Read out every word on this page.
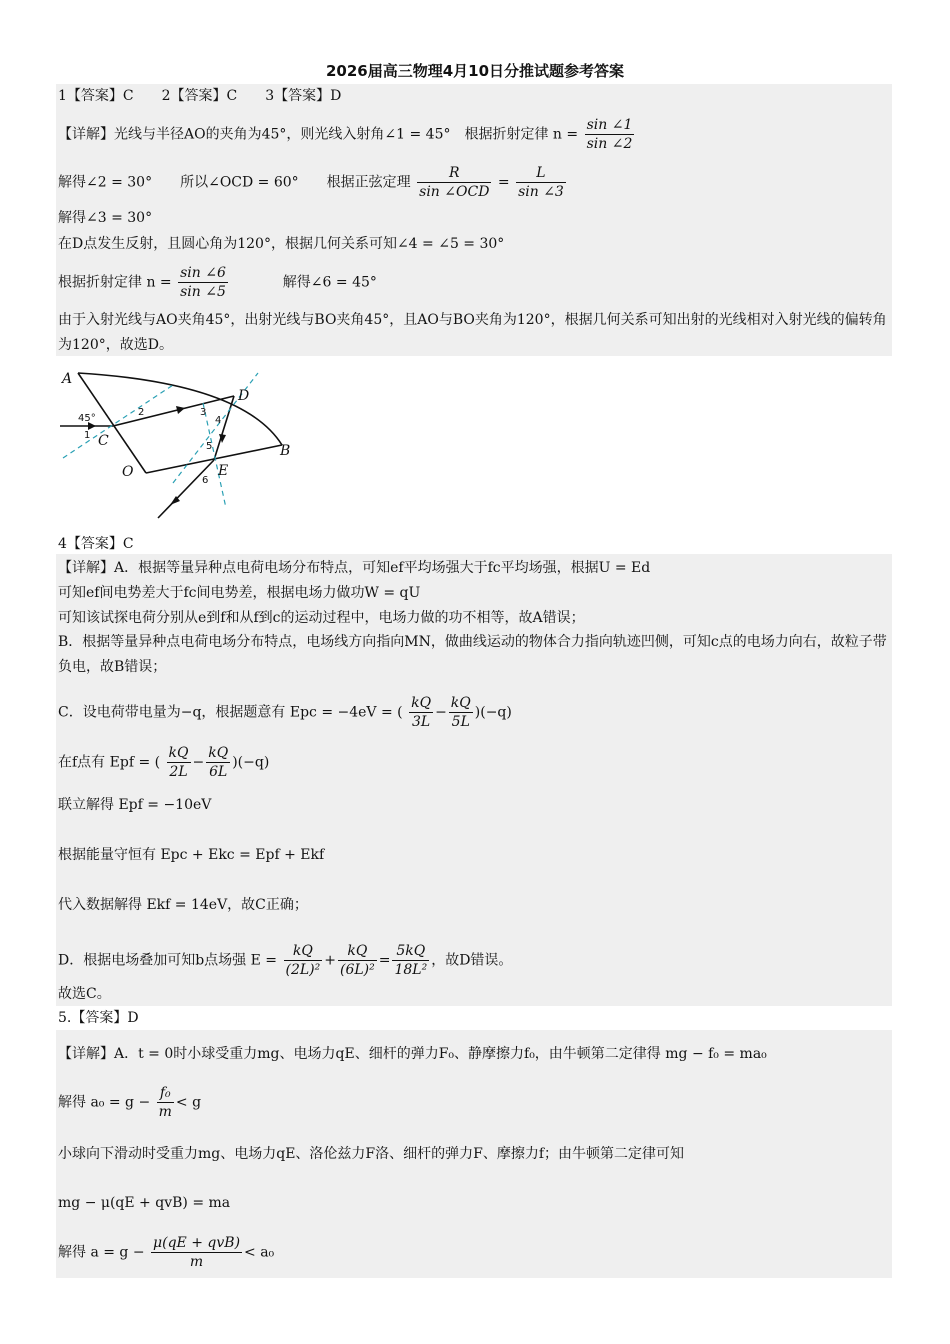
2026届高三物理4月10日分推试题参考答案
1【答案】C　　2【答案】C　　3【答案】D
【详解】光线与半径AO的夹角为45°，则光线入射角∠1 = 45°　根据折射定律 $n = \frac{\sin \angle 1}{\sin \angle 2}$
解得∠2 = 30°　　所以∠OCD = 60°　　根据正弦定理 $\frac{R}{\text{sin ∠OCD}} = \frac{L}{\sin \angle 3}$
解得∠3 = 30°
在D点发生反射，且圆心角为120°，根据几何关系可知∠4 = ∠5 = 30°
根据折射定律 $n = \frac{\sin \angle 6}{\sin \angle 5}$	解得∠6 = 45°
由于入射光线与AO夹角45°，出射光线与BO夹角45°，且AO与BO夹角为120°，根据几何关系可知出射的光线相对入射光线的偏转角为120°，故选D。
A
D
C
O	E
B
45°
2	3
1
4
5
6
4【答案】C
【详解】A．根据等量异种点电荷电场分布特点，可知ef平均场强大于fc平均场强，根据U = Ed
可知ef间电势差大于fc间电势差，根据电场力做功W = qU
可知该试探电荷分别从e到f和从f到c的运动过程中，电场力做的功不相等，故A错误；
B．根据等量异种点电荷电场分布特点，电场线方向指向MN，做曲线运动的物体合力指向轨迹凹侧，可知c点的电场力向右，故粒子带负电，故B错误；
C．设电荷带电量为−q，根据题意有 Epc = −4eV = ( $\frac{kQ}{3L} - \frac{kQ}{5L} )(-q)$
在f点有 Epf = ( $\frac{kQ}{2L} - \frac{kQ}{6L} )(-q)$
联立解得 Epf = −10eV
根据能量守恒有 Epc + Ekc = Epf + Ekf
代入数据解得 Ekf = 14eV，故C正确；
D．根据电场叠加可知b点场强 $E = \frac{kQ}{\text{(2L)²}} + \frac{kQ}{\text{(6L)²}} = \frac{5kQ}{\text{18L²}}$ ，故D错误。
故选C。
5.【答案】D
【详解】A．t = 0时小球受重力mg、电场力qE、细杆的弹力F₀、静摩擦力f₀，由牛顿第二定律得 mg − f₀ = ma₀
解得 $a_0 = g - \frac{\text{f₀}}{m} < g$
小球向下滑动时受重力mg、电场力qE、洛伦兹力F洛、细杆的弹力F、摩擦力f；由牛顿第二定律可知
mg − μ(qE + qvB) = ma
解得 $a = g - \frac{\text{μ(qE + qvB)}}{m} < a_0$
